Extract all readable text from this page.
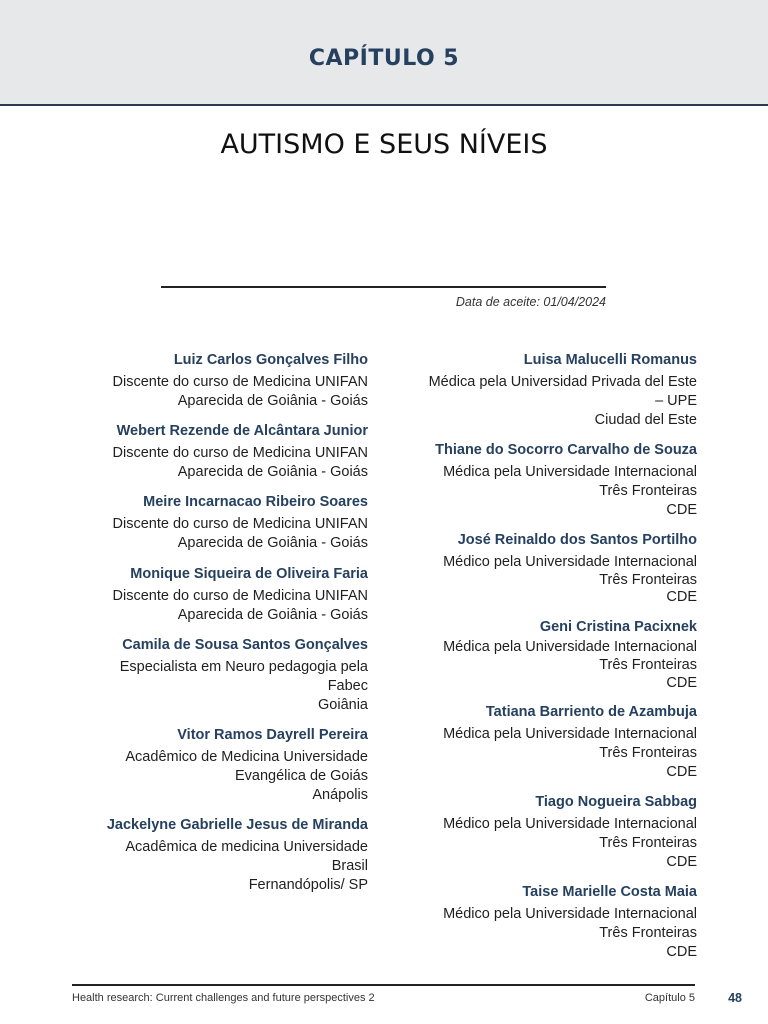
CAPÍTULO 5
AUTISMO E SEUS NÍVEIS
Data de aceite: 01/04/2024
Luiz Carlos Gonçalves Filho
Discente do curso de Medicina UNIFAN
Aparecida de Goiânia - Goiás
Webert Rezende de Alcântara Junior
Discente do curso de Medicina UNIFAN
Aparecida de Goiânia - Goiás
Meire Incarnacao Ribeiro Soares
Discente do curso de Medicina UNIFAN
Aparecida de Goiânia - Goiás
Monique Siqueira de Oliveira Faria
Discente do curso de Medicina UNIFAN
Aparecida de Goiânia - Goiás
Camila de Sousa Santos Gonçalves
Especialista em Neuro pedagogia pela
Fabec
Goiânia
Vitor Ramos Dayrell Pereira
Acadêmico de Medicina Universidade
Evangélica de Goiás
Anápolis
Jackelyne Gabrielle Jesus de Miranda
Acadêmica de medicina Universidade
Brasil
Fernandópolis/ SP
Luisa Malucelli Romanus
Médica pela Universidad Privada del Este
– UPE
Ciudad del Este
Thiane do Socorro Carvalho de Souza
Médica pela Universidade Internacional
Três Fronteiras
CDE
José Reinaldo dos Santos Portilho
Médico pela Universidade Internacional
Três Fronteiras
CDE
Geni Cristina Pacixnek
Médica pela Universidade Internacional
Três Fronteiras
CDE
Tatiana Barriento de Azambuja
Médica pela Universidade Internacional
Três Fronteiras
CDE
Tiago Nogueira Sabbag
Médico pela Universidade Internacional
Três Fronteiras
CDE
Taise Marielle Costa Maia
Médico pela Universidade Internacional
Três Fronteiras
CDE
Health research: Current challenges and future perspectives 2	Capítulo 5	48
